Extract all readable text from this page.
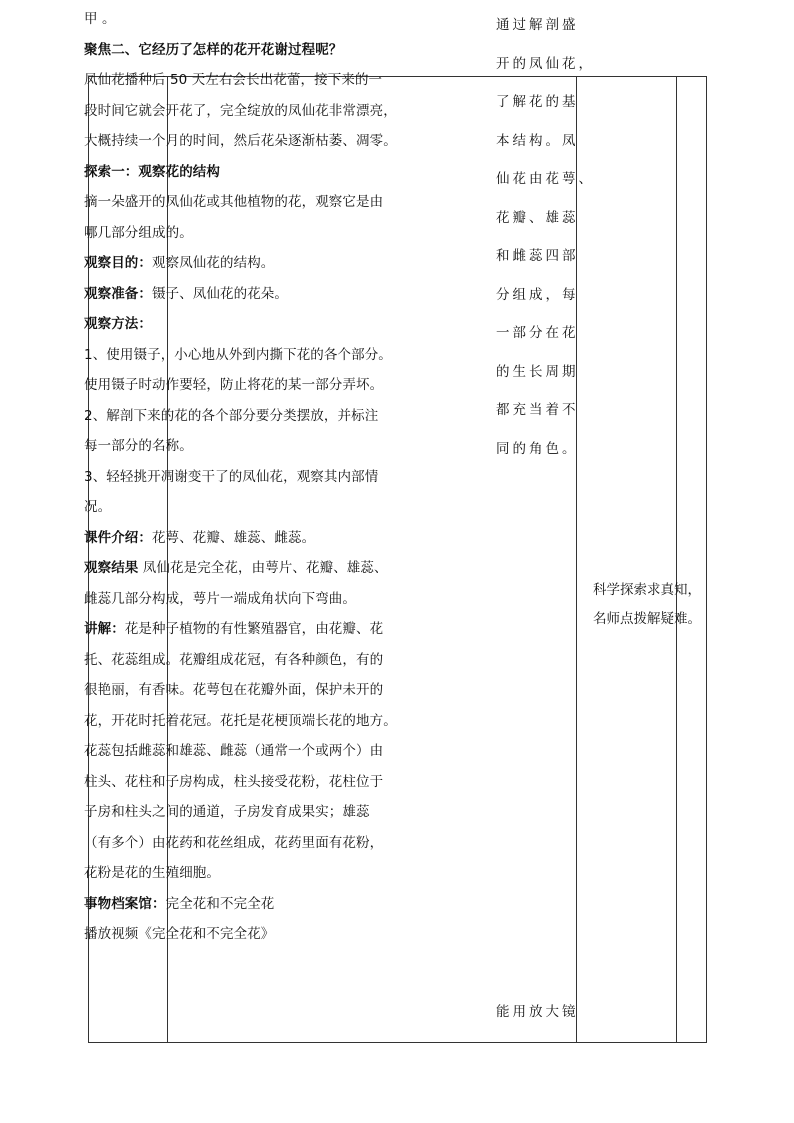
甲 。
聚焦二、它经历了怎样的花开花谢过程呢？
凤仙花播种后 50 天左右会长出花蕾，接下来的一
段时间它就会开花了，完全绽放的凤仙花非常漂亮，
大概持续一个月的时间，然后花朵逐渐枯萎、凋零。
探索一：观察花的结构
摘一朵盛开的凤仙花或其他植物的花，观察它是由
哪几部分组成的。
观察目的：观察凤仙花的结构。
观察准备：镊子、凤仙花的花朵。
观察方法：
1、使用镊子，小心地从外到内撕下花的各个部分。
使用镊子时动作要轻，防止将花的某一部分弄坏。
2、解剖下来的花的各个部分要分类摆放，并标注
每一部分的名称。
3、轻轻挑开凋谢变干了的凤仙花，观察其内部情
况。
课件介绍：花萼、花瓣、雄蕊、雌蕊。
观察结果 凤仙花是完全花，由萼片、花瓣、雄蕊、
雌蕊几部分构成，萼片一端成角状向下弯曲。
讲解：花是种子植物的有性繁殖器官，由花瓣、花
托、花蕊组成。花瓣组成花冠，有各种颜色，有的
很艳丽，有香味。花萼包在花瓣外面，保护未开的
花，开花时托着花冠。花托是花梗顶端长花的地方。
花蕊包括雌蕊和雄蕊、雌蕊（通常一个或两个）由
柱头、花柱和子房构成，柱头接受花粉，花柱位于
子房和柱头之间的通道，子房发育成果实；雄蕊
（有多个）由花药和花丝组成，花药里面有花粉，
花粉是花的生殖细胞。
事物档案馆：完全花和不完全花
播放视频《完全花和不完全花》
通过解剖盛
开的凤仙花，
了解花的基
本结构。凤
仙花由花萼、
花瓣、雄蕊
和雌蕊四部
分组成，每
一部分在花
的生长周期
都充当着不
同的角色。
能用放大镜
科学探索求真知，
名师点拨解疑难。
